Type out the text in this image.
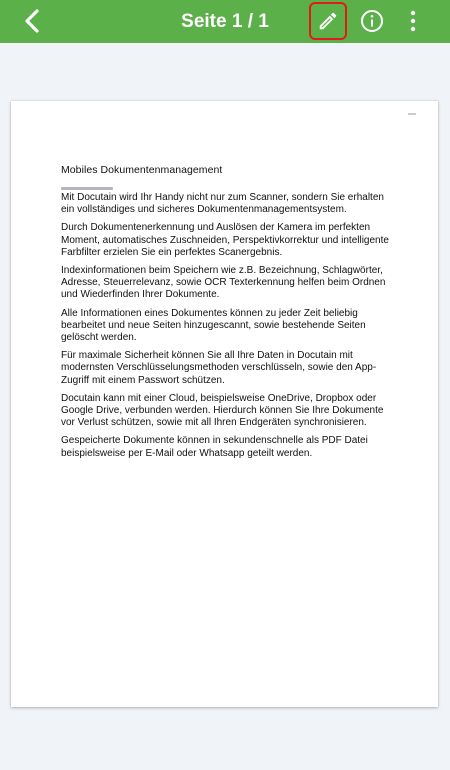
Seite 1 / 1
Mobiles Dokumentenmanagement

Mit Docutain wird Ihr Handy nicht nur zum Scanner, sondern Sie erhalten ein vollständiges und sicheres Dokumentenmanagementsystem.

Durch Dokumentenerkennung und Auslösen der Kamera im perfekten Moment, automatisches Zuschneiden, Perspektivkorrektur und intelligente Farbfilter erzielen Sie ein perfektes Scanergebnis.

Indexinformationen beim Speichern wie z.B. Bezeichnung, Schlagwörter, Adresse, Steuerrelevanz, sowie OCR Texterkennung helfen beim Ordnen und Wiederfinden Ihrer Dokumente.

Alle Informationen eines Dokumentes können zu jeder Zeit beliebig bearbeitet und neue Seiten hinzugescannt, sowie bestehende Seiten gelöscht werden.

Für maximale Sicherheit können Sie all Ihre Daten in Docutain mit modernsten Verschlüsselungsmethoden verschlüsseln, sowie den App-Zugriff mit einem Passwort schützen.

Docutain kann mit einer Cloud, beispielsweise OneDrive, Dropbox oder Google Drive, verbunden werden. Hierdurch können Sie Ihre Dokumente vor Verlust schützen, sowie mit all Ihren Endgeräten synchronisieren.

Gespeicherte Dokumente können in sekundenschnelle als PDF Datei beispielsweise per E-Mail oder Whatsapp geteilt werden.
